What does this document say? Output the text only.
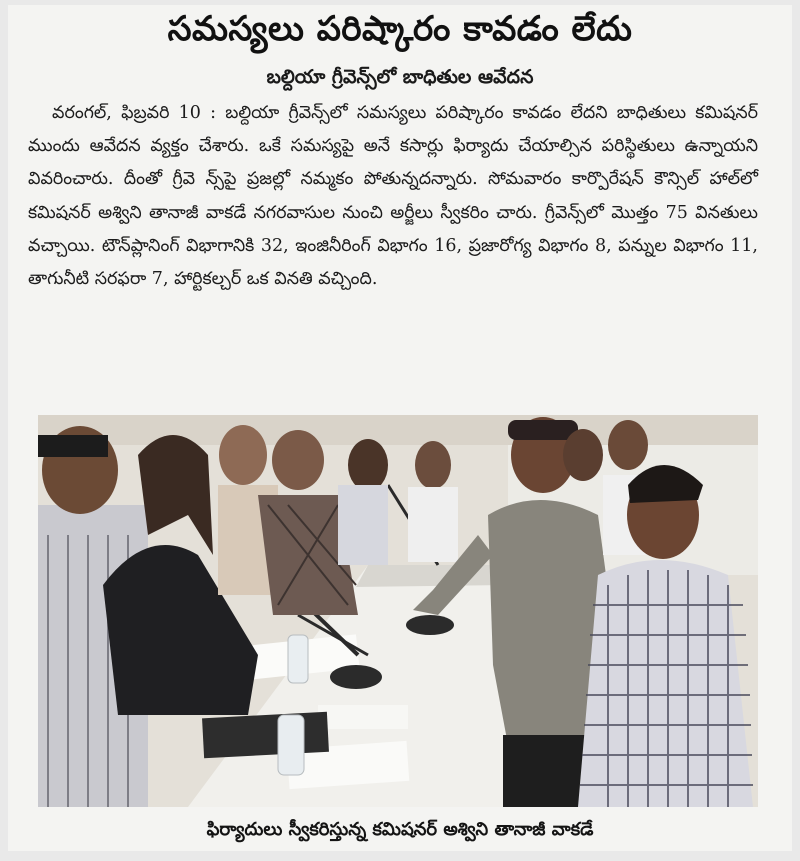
సమస్యలు పరిష్కారం కావడం లేదు
బల్దియా గ్రీవెన్స్‌లో బాధితుల ఆవేదన

వరంగల్, ఫిబ్రవరి 10 : బల్దియా గ్రీవెన్స్‌లో సమస్యలు పరిష్కారం కావడం లేదని బాధితులు కమిషనర్ ముందు ఆవేదన వ్యక్తం చేశారు. ఒకే సమస్యపై అనే కసార్లు ఫిర్యాదు చేయాల్సిన పరిస్థితులు ఉన్నాయని వివరించారు. దీంతో గ్రీవె న్స్‌పై ప్రజల్లో నమ్మకం పోతున్నదన్నారు. సోమవారం కార్పొరేషన్ కౌన్సిల్ హాల్‌లో కమిషనర్ అశ్విని తానాజీ వాకడే నగరవాసుల నుంచి అర్జీలు స్వీకరిం చారు. గ్రీవెన్స్‌లో మొత్తం 75 వినతులు వచ్చాయి. టౌన్‌ప్లానింగ్ విభాగానికి 32, ఇంజినీరింగ్ విభాగం 16, ప్రజారోగ్య విభాగం 8, పన్నుల విభాగం 11, తాగునీటి సరఫరా 7, హార్టికల్చర్ ఒక వినతి వచ్చింది.

ఫిర్యాదులు స్వీకరిస్తున్న కమిషనర్ అశ్విని తానాజీ వాకడే
